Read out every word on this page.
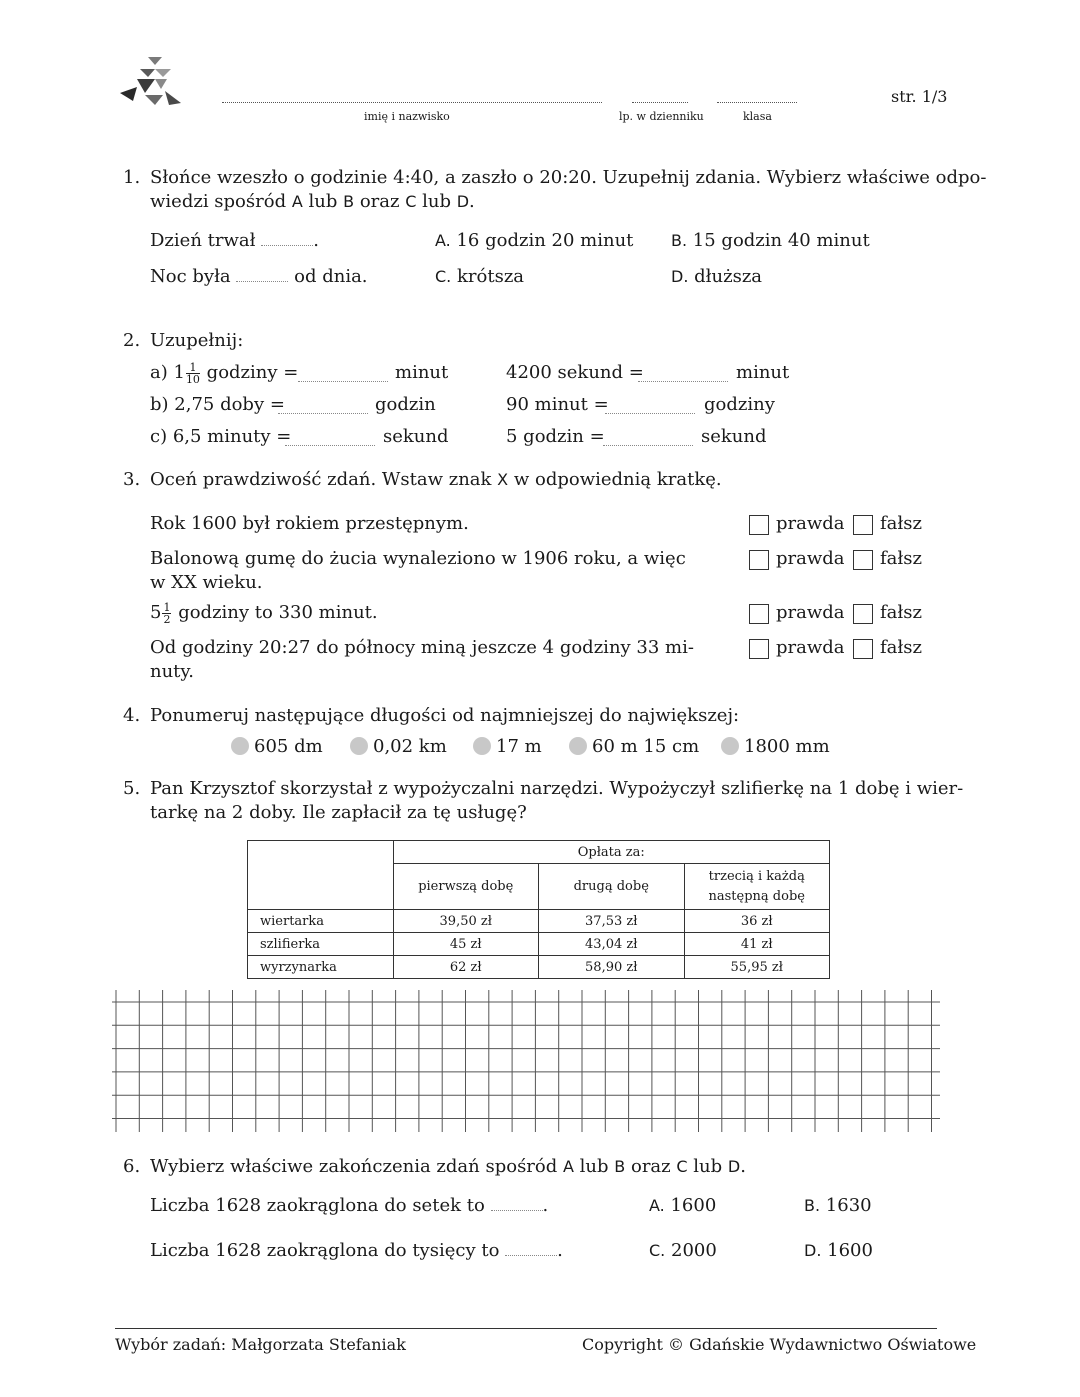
imię i nazwisko	lp. w dzienniku	klasa
str. 1/3
1. Słońce wzeszło o godzinie 4:40, a zaszło o 20:20. Uzupełnij zdania. Wybierz właściwe odpo-
wiedzi spośród A lub B oraz C lub D.
Dzień trwał	.	A. 16 godzin 20 minut B. 15 godzin 40 minut
Noc była	od dnia.	C. krótsza	D. dłuższa
2. Uzupełnij:
a) $1 \frac{1}{10}$ godziny =	minut	4200 sekund =	minut
b) 2,75 doby =	godzin	90 minut =	godziny
c) 6,5 minuty =	sekund	5 godzin =	sekund
3. Oceń prawdziwość zdań. Wstaw znak X w odpowiednią kratkę.
Rok 1600 był rokiem przestępnym.	prawda fałsz
Balonową gumę do żucia wynaleziono w 1906 roku, a więc
w XX wieku.
prawda fałsz
$5 \frac{1}{2}$ godziny to 330 minut.	prawda fałsz
Od godziny 20:27 do północy miną jeszcze 4 godziny 33 mi-
nuty.
prawda fałsz
4. Ponumeruj następujące długości od najmniejszej do największej:
605 dm	0,02 km	17 m	60 m 15 cm 1800 mm
5. Pan Krzysztof skorzystał z wypożyczalni narzędzi. Wypożyczył szlifierkę na 1 dobę i wier-
tarkę na 2 doby. Ile zapłacił za tę usługę?
	Opłata za:		
	pierwszą dobę	drugą dobę	trzecią i każdą
następną dobę
wiertarka	39,50 zł	37,53 zł	36 zł
szlifierka	45 zł	43,04 zł	41 zł
wyrzynarka	62 zł	58,90 zł	55,95 zł
6. Wybierz właściwe zakończenia zdań spośród A lub B oraz C lub D.
Liczba 1628 zaokrąglona do setek to	.	A. 1600	B. 1630
Liczba 1628 zaokrąglona do tysięcy to	.	C. 2000	D. 1600
Wybór zadań: Małgorzata Stefaniak	Copyright © Gdańskie Wydawnictwo Oświatowe
